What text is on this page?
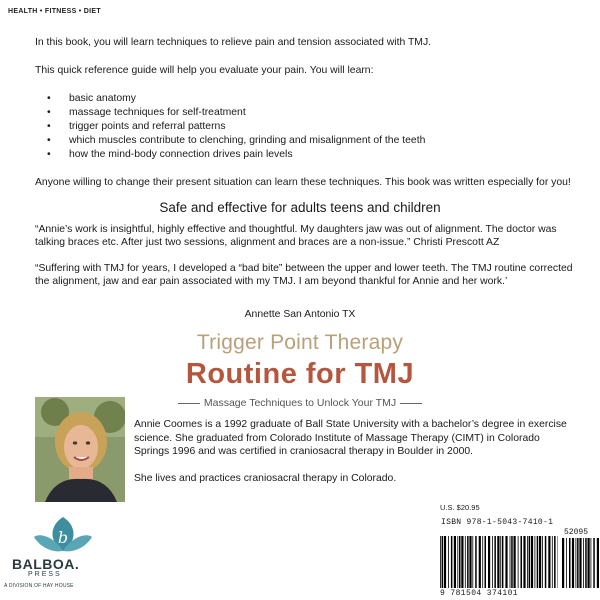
HEALTH • FITNESS • DIET
In this book, you will learn techniques to relieve pain and tension associated with TMJ.
This quick reference guide will help you evaluate your pain. You will learn:
• basic anatomy
• massage techniques for self-treatment
• trigger points and referral patterns
• which muscles contribute to clenching, grinding and misalignment of the teeth
• how the mind-body connection drives pain levels
Anyone willing to change their present situation can learn these techniques. This book was written especially for you!
Safe and effective for adults teens and children
“Annie’s work is insightful, highly effective and thoughtful. My daughters jaw was out of alignment. The doctor was talking braces etc. After just two sessions, alignment and braces are a non-issue.” Christi Prescott AZ
“Suffering with TMJ for years, I developed a “bad bite” between the upper and lower teeth. The TMJ routine corrected the alignment, jaw and ear pain associated with my TMJ. I am beyond thankful for Annie and her work.’
Annette San Antonio TX
Trigger Point Therapy
Routine for TMJ
Massage Techniques to Unlock Your TMJ
Annie Coomes is a 1992 graduate of Ball State University with a bachelor’s degree in exercise science. She graduated from Colorado Institute of Massage Therapy (CIMT) in Colorado Springs 1996 and was certified in craniosacral therapy in Boulder in 2000.
She lives and practices craniosacral therapy in Colorado.
b
BALBOA.
PRESS
A DIVISION OF HAY HOUSE
U.S. $20.95
ISBN 978-1-5043-7410-1
52095
9 781504 374101
